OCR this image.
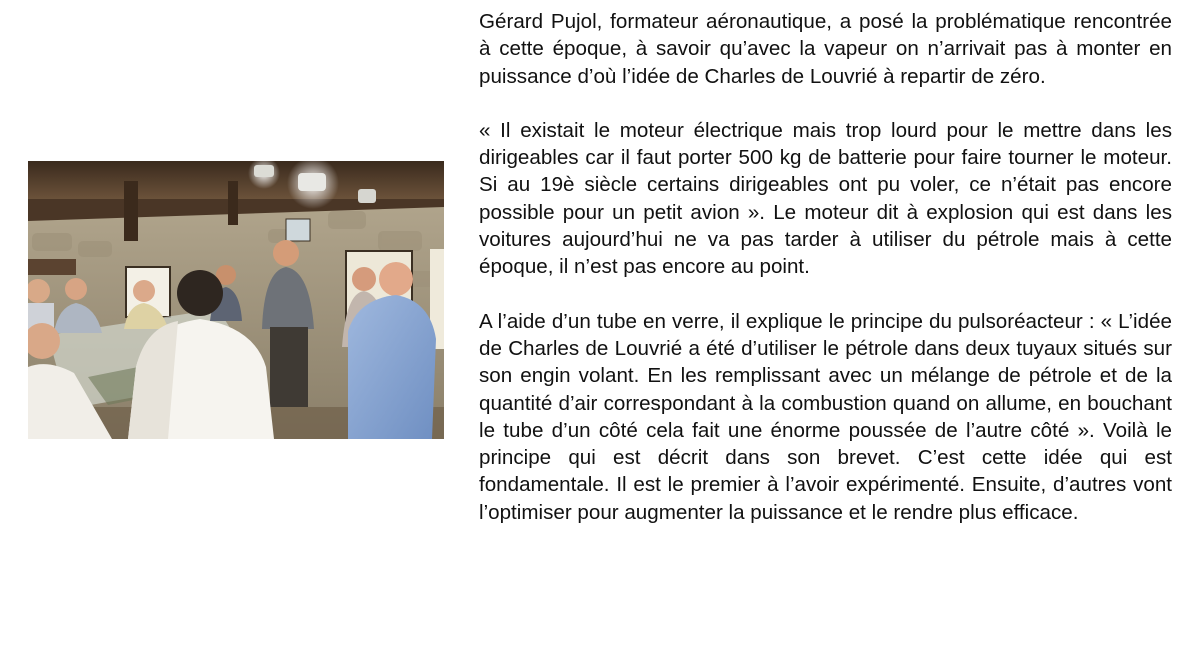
Gérard Pujol, formateur aéronautique, a posé la problématique rencontrée à cette époque, à savoir qu’avec la vapeur on n’arrivait pas à monter en puissance d’où l’idée de Charles de Louvrié à repartir de zéro.

« Il existait le moteur électrique mais trop lourd pour le mettre dans les dirigeables car il faut porter 500 kg de batterie pour faire tourner le moteur. Si au 19è siècle certains dirigeables ont pu voler, ce n’était pas encore possible pour un petit avion ». Le moteur dit à explosion qui est dans les voitures aujourd’hui ne va pas tarder à utiliser du pétrole mais à cette époque, il n’est pas encore au point.

A l’aide d’un tube en verre, il explique le principe du pulsoréacteur : « L’idée de Charles de Louvrié a été d’utiliser le pétrole dans deux tuyaux situés sur son engin volant. En les remplissant avec un mélange de pétrole et de la quantité d’air correspondant à la combustion quand on allume, en bouchant le tube d’un côté cela fait une énorme poussée de l’autre côté ». Voilà le principe qui est décrit dans son brevet. C’est cette idée qui est fondamentale. Il est le premier à l’avoir expérimenté. Ensuite, d’autres vont l’optimiser pour augmenter la puissance et le rendre plus efficace.
